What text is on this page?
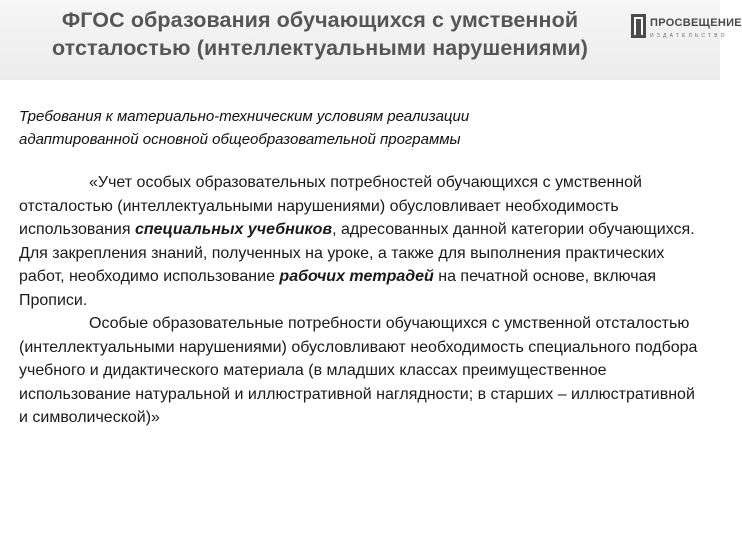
ФГОС образования обучающихся с умственной
отсталостью (интеллектуальными нарушениями)
ПРОСВЕЩЕНИЕ
ИЗДАТЕЛЬСТВО
Требования к материально-техническим условиям реализации
адаптированной основной общеобразовательной программы

«Учет особых образовательных потребностей обучающихся с умственной отсталостью (интеллектуальными нарушениями) обусловливает необходимость использования специальных учебников, адресованных данной категории обучающихся. Для закрепления знаний, полученных на уроке, а также для выполнения практических работ, необходимо использование рабочих тетрадей на печатной основе, включая Прописи.

Особые образовательные потребности обучающихся с умственной отсталостью (интеллектуальными нарушениями) обусловливают необходимость специального подбора учебного и дидактического материала (в младших классах преимущественное использование натуральной и иллюстративной наглядности; в старших – иллюстративной и символической)»
